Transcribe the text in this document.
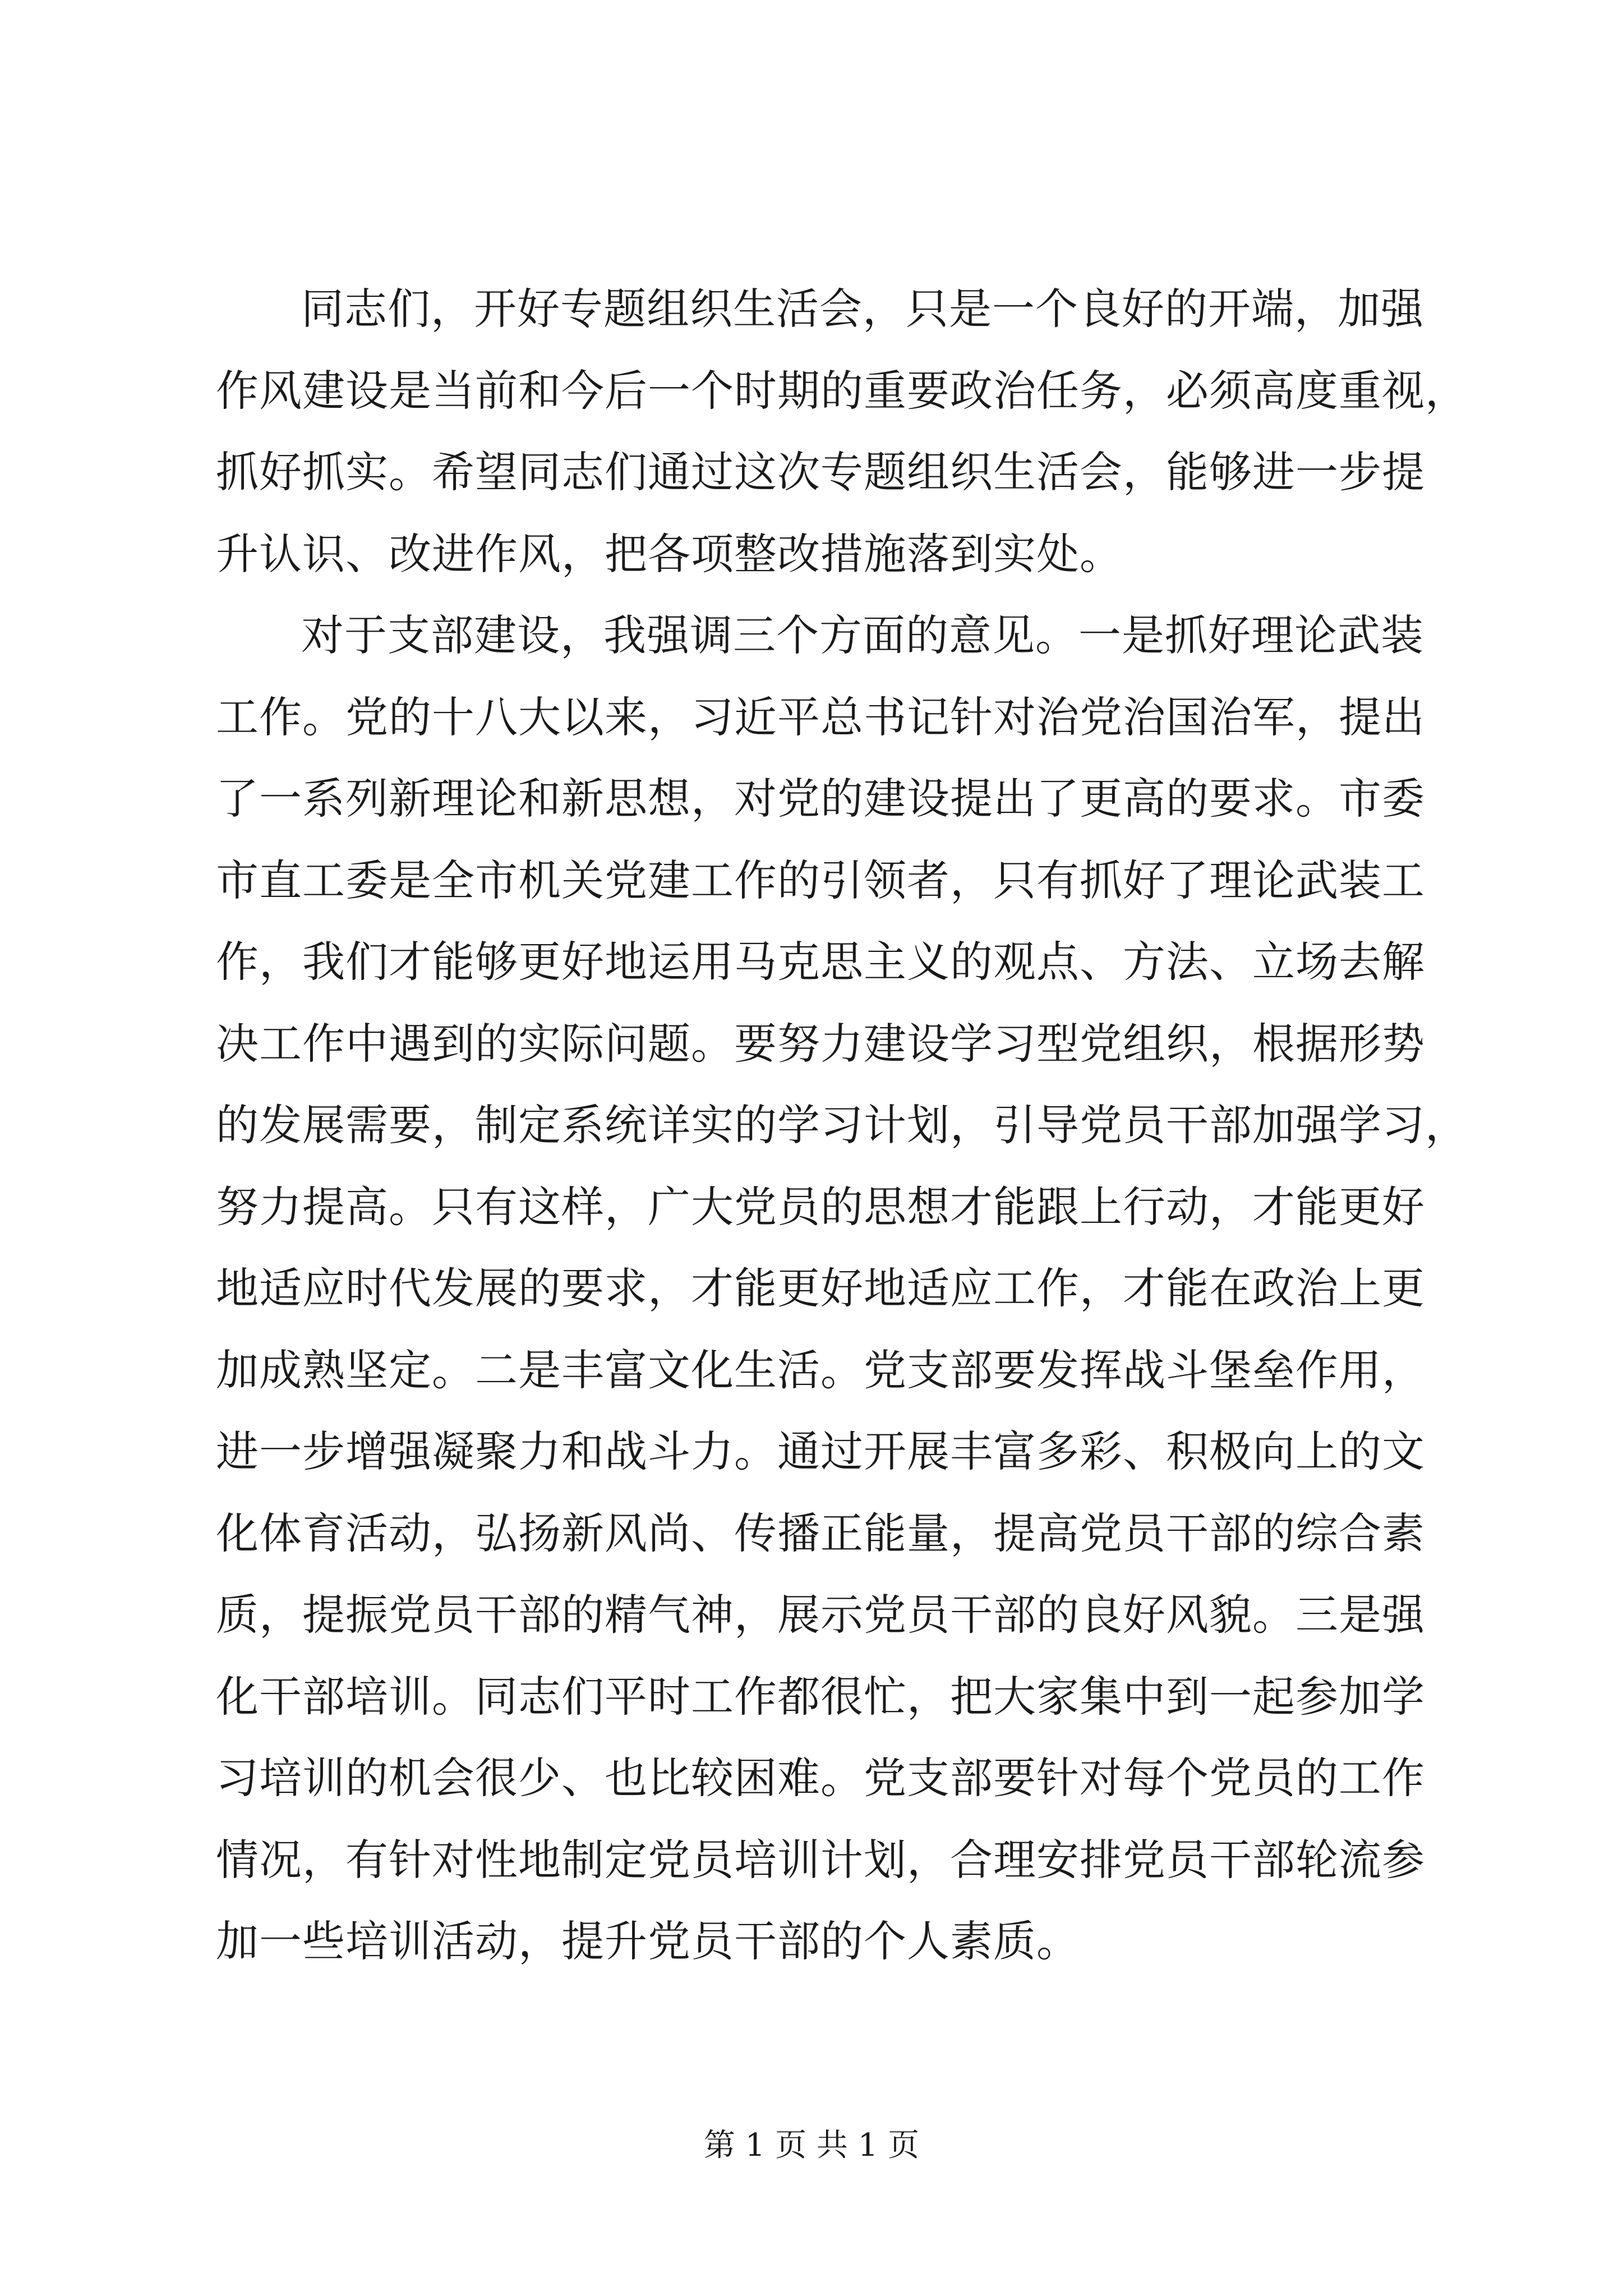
同志们，开好专题组织生活会，只是一个良好的开端，加强
作风建设是当前和今后一个时期的重要政治任务，必须高度重视，
抓好抓实。希望同志们通过这次专题组织生活会，能够进一步提
升认识、改进作风，把各项整改措施落到实处。
对于支部建设，我强调三个方面的意见。一是抓好理论武装
工作。党的十八大以来，习近平总书记针对治党治国治军，提出
了一系列新理论和新思想，对党的建设提出了更高的要求。市委
市直工委是全市机关党建工作的引领者，只有抓好了理论武装工
作，我们才能够更好地运用马克思主义的观点、方法、立场去解
决工作中遇到的实际问题。要努力建设学习型党组织，根据形势
的发展需要，制定系统详实的学习计划，引导党员干部加强学习，
努力提高。只有这样，广大党员的思想才能跟上行动，才能更好
地适应时代发展的要求，才能更好地适应工作，才能在政治上更
加成熟坚定。二是丰富文化生活。党支部要发挥战斗堡垒作用，
进一步增强凝聚力和战斗力。通过开展丰富多彩、积极向上的文
化体育活动，弘扬新风尚、传播正能量，提高党员干部的综合素
质，提振党员干部的精气神，展示党员干部的良好风貌。三是强
化干部培训。同志们平时工作都很忙，把大家集中到一起参加学
习培训的机会很少、也比较困难。党支部要针对每个党员的工作
情况，有针对性地制定党员培训计划，合理安排党员干部轮流参
加一些培训活动，提升党员干部的个人素质。
第 1 页 共 1 页
